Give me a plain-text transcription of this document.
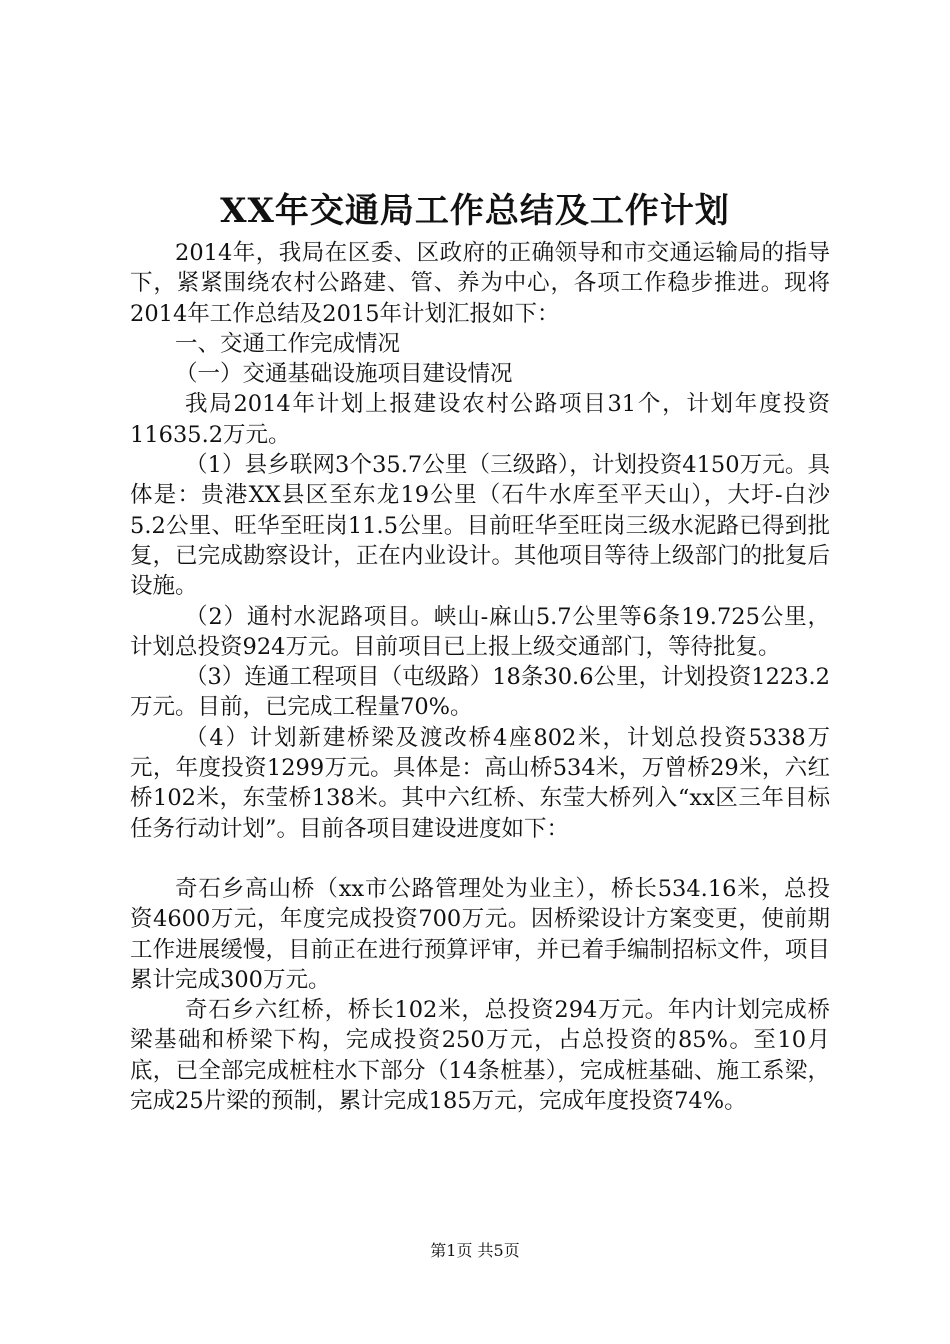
XX年交通局工作总结及工作计划

2014年，我局在区委、区政府的正确领导和市交通运输局的指导下，紧紧围绕农村公路建、管、养为中心，各项工作稳步推进。现将2014年工作总结及2015年计划汇报如下：

一、交通工作完成情况

（一）交通基础设施项目建设情况

我局2014年计划上报建设农村公路项目31个，计划年度投资11635.2万元。

（1）县乡联网3个35.7公里（三级路），计划投资4150万元。具体是：贵港XX县区至东龙19公里（石牛水库至平天山），大圩-白沙5.2公里、旺华至旺岗11.5公里。目前旺华至旺岗三级水泥路已得到批复，已完成勘察设计，正在内业设计。其他项目等待上级部门的批复后设施。

（2）通村水泥路项目。峡山-麻山5.7公里等6条19.725公里，计划总投资924万元。目前项目已上报上级交通部门，等待批复。

（3）连通工程项目（屯级路）18条30.6公里，计划投资1223.2万元。目前，已完成工程量70%。

（4）计划新建桥梁及渡改桥4座802米，计划总投资5338万元，年度投资1299万元。具体是：高山桥534米，万曾桥29米，六红桥102米，东莹桥138米。其中六红桥、东莹大桥列入“xx区三年目标任务行动计划”。目前各项目建设进度如下：

奇石乡高山桥（xx市公路管理处为业主），桥长534.16米，总投资4600万元，年度完成投资700万元。因桥梁设计方案变更，使前期工作进展缓慢，目前正在进行预算评审，并已着手编制招标文件，项目累计完成300万元。

奇石乡六红桥，桥长102米，总投资294万元。年内计划完成桥梁基础和桥梁下构，完成投资250万元，占总投资的85%。至10月底，已全部完成桩柱水下部分（14条桩基），完成桩基础、施工系梁，完成25片梁的预制，累计完成185万元，完成年度投资74%。

第1页 共5页
